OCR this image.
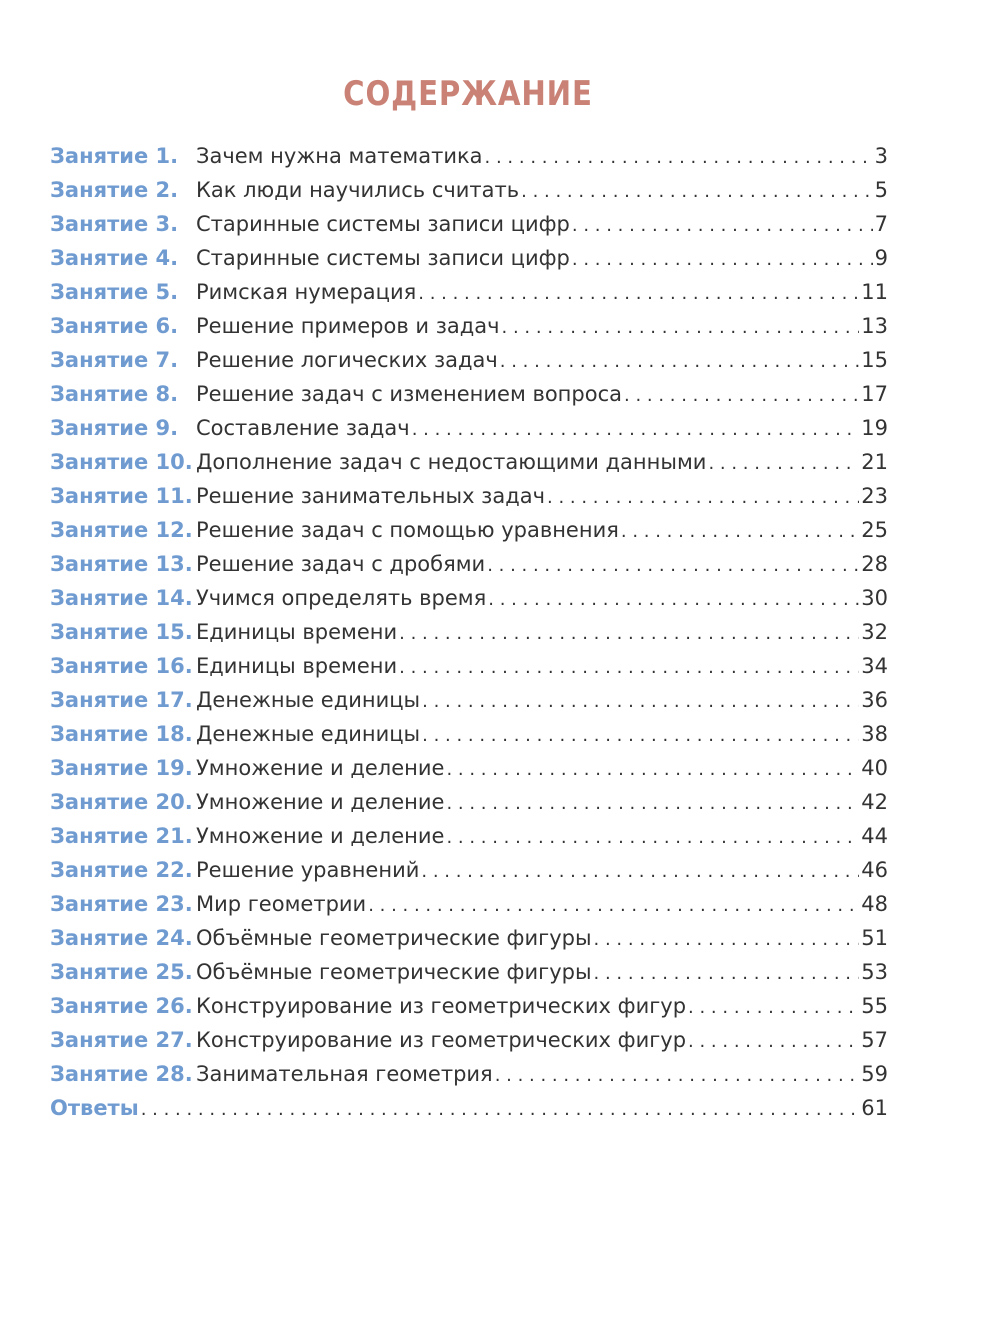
СОДЕРЖАНИЕ
Занятие 1. Зачем нужна математика . . .	3
Занятие 2. Как люди научились считать . . .	5
Занятие 3. Старинные системы записи цифр . . .	7
Занятие 4. Старинные системы записи цифр . . .	9
Занятие 5. Римская нумерация . . .	11
Занятие 6. Решение примеров и задач . . .	13
Занятие 7. Решение логических задач . . .	15
Занятие 8. Решение задач с изменением вопроса . . .	17
Занятие 9. Составление задач . . .	19
Занятие 10. Дополнение задач с недостающими данными . . .	21
Занятие 11. Решение занимательных задач . . .	23
Занятие 12. Решение задач с помощью уравнения . . .	25
Занятие 13. Решение задач с дробями . . .	28
Занятие 14. Учимся определять время . . .	30
Занятие 15. Единицы времени . . .	32
Занятие 16. Единицы времени . . .	34
Занятие 17. Денежные единицы . . .	36
Занятие 18. Денежные единицы . . .	38
Занятие 19. Умножение и деление . . .	40
Занятие 20. Умножение и деление . . .	42
Занятие 21. Умножение и деление . . .	44
Занятие 22. Решение уравнений . . .	46
Занятие 23. Мир геометрии . . .	48
Занятие 24. Объёмные геометрические фигуры . . .	51
Занятие 25. Объёмные геометрические фигуры . . .	53
Занятие 26. Конструирование из геометрических фигур . . .	55
Занятие 27. Конструирование из геометрических фигур . . .	57
Занятие 28. Занимательная геометрия . . .	59
Ответы . . .	61
